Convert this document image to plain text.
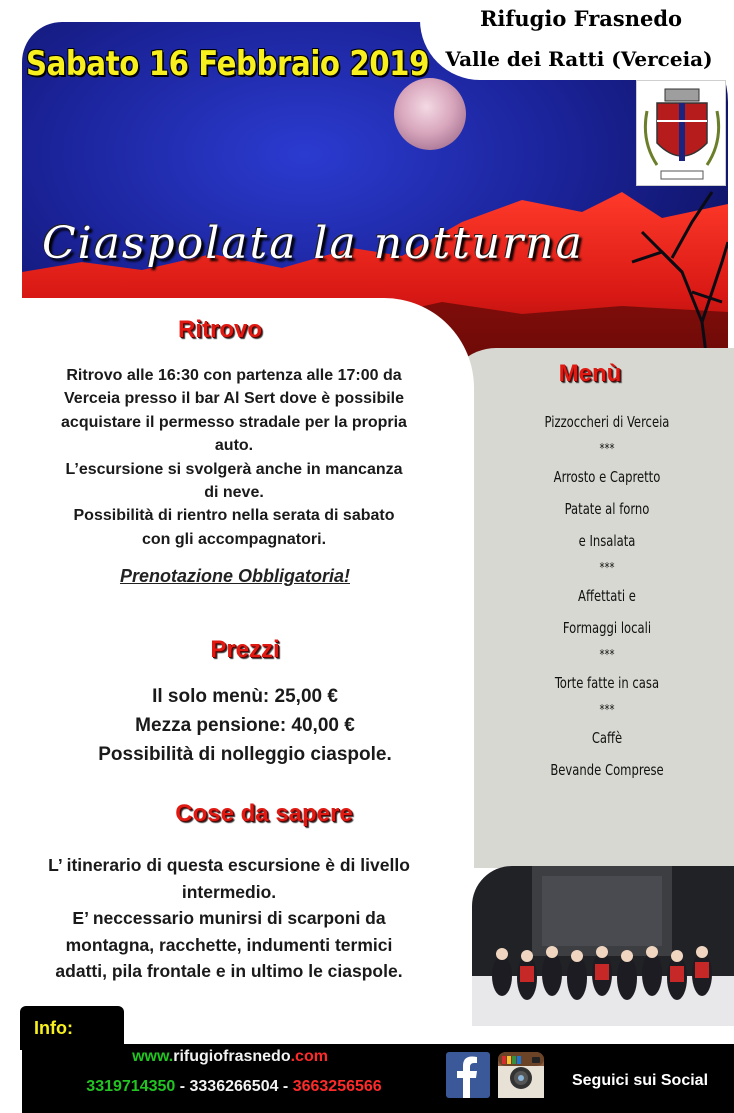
Sabato 16 Febbraio 2019
Rifugio Frasnedo
Valle dei Ratti (Verceia)
Ciaspolata la notturna
Ritrovo
Ritrovo alle 16:30 con partenza alle 17:00 da
Verceia presso il bar Al Sert dove è possibile
acquistare il permesso stradale per la propria
auto.
L’escursione si svolgerà anche in mancanza
di neve.
Possibilità di rientro nella serata di sabato
con gli accompagnatori.
Prenotazione Obbligatoria!
Prezzi
Il solo menù: 25,00 €
Mezza pensione: 40,00 €
Possibilità di nolleggio ciaspole.
Cose da sapere
L’ itinerario di questa escursione è di livello
intermedio.
E’ neccessario munirsi di scarponi da
montagna, racchette, indumenti termici
adatti, pila frontale e in ultimo le ciaspole.
Menù
Pizzoccheri di Verceia
***
Arrosto e Capretto
Patate al forno
e Insalata
***
Affettati e
Formaggi locali
***
Torte fatte in casa
***
Caffè
Bevande Comprese
Info:
www.rifugiofrasnedo.com
3319714350 - 3336266504 - 3663256566	Seguici sui Social
